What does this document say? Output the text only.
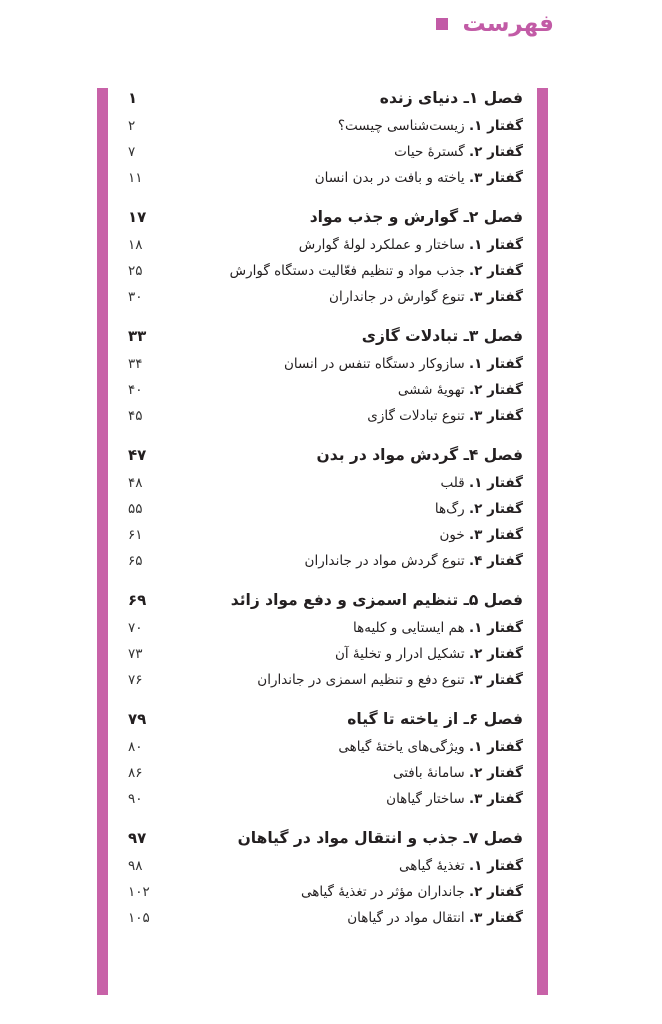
فهرست
فصل ۱ـ دنیای زنده
۱
گفتار ۱. زیست‌شناسی چیست؟
۲
گفتار ۲. گسترۀ حیات
۷
گفتار ۳. یاخته و بافت در بدن انسان
۱۱
فصل ۲ـ گوارش و جذب مواد
۱۷
گفتار ۱. ساختار و عملکرد لولۀ گوارش
۱۸
گفتار ۲. جذب مواد و تنظیم فعّالیت دستگاه گوارش
۲۵
گفتار ۳. تنوع گوارش در جانداران
۳۰
فصل ۳ـ تبادلات گازی
۳۳
گفتار ۱. سازوکار دستگاه تنفس در انسان
۳۴
گفتار ۲. تهویۀ ششی
۴۰
گفتار ۳. تنوع تبادلات گازی
۴۵
فصل ۴ـ گردش مواد در بدن
۴۷
گفتار ۱. قلب
۴۸
گفتار ۲. رگ‌ها
۵۵
گفتار ۳. خون
۶۱
گفتار ۴. تنوع گردش مواد در جانداران
۶۵
فصل ۵ـ تنظیم اسمزی و دفع مواد زائد
۶۹
گفتار ۱. هم ایستایی و کلیه‌ها
۷۰
گفتار ۲. تشکیل ادرار و تخلیۀ آن
۷۳
گفتار ۳. تنوع دفع و تنظیم اسمزی در جانداران
۷۶
فصل ۶ـ از یاخته تا گیاه
۷۹
گفتار ۱. ویژگی‌های یاختۀ گیاهی
۸۰
گفتار ۲. سامانۀ بافتی
۸۶
گفتار ۳. ساختار گیاهان
۹۰
فصل ۷ـ جذب و انتقال مواد در گیاهان
۹۷
گفتار ۱. تغذیۀ گیاهی
۹۸
گفتار ۲. جانداران مؤثر در تغذیۀ گیاهی
۱۰۲
گفتار ۳. انتقال مواد در گیاهان
۱۰۵
